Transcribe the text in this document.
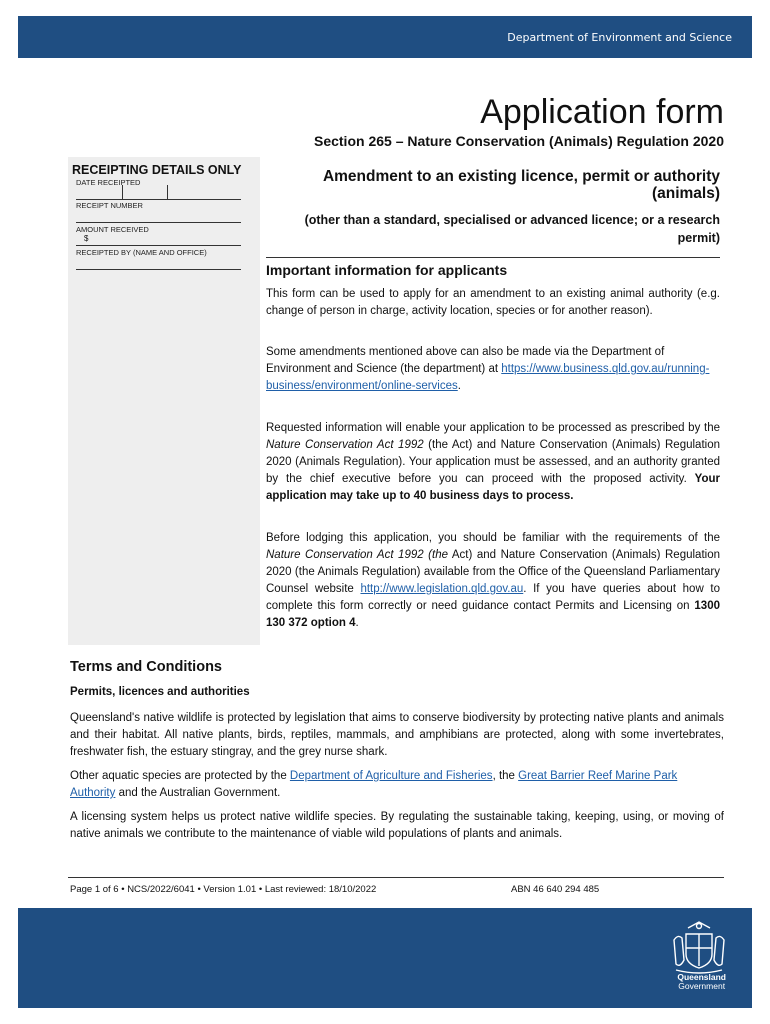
Department of Environment and Science
Application form
Section 265 – Nature Conservation (Animals) Regulation 2020
RECEIPTING DETAILS ONLY
DATE RECEIPTED
RECEIPT NUMBER
AMOUNT RECEIVED
$
RECEIPTED BY (NAME AND OFFICE)
Amendment to an existing licence, permit or authority (animals)
(other than a standard, specialised or advanced licence; or a research permit)
Important information for applicants
This form can be used to apply for an amendment to an existing animal authority (e.g. change of person in charge, activity location, species or for another reason).
Some amendments mentioned above can also be made via the Department of Environment and Science (the department) at https://www.business.qld.gov.au/running-business/environment/online-services.
Requested information will enable your application to be processed as prescribed by the Nature Conservation Act 1992 (the Act) and Nature Conservation (Animals) Regulation 2020 (Animals Regulation). Your application must be assessed, and an authority granted by the chief executive before you can proceed with the proposed activity. Your application may take up to 40 business days to process.
Before lodging this application, you should be familiar with the requirements of the Nature Conservation Act 1992 (the Act) and Nature Conservation (Animals) Regulation 2020 (the Animals Regulation) available from the Office of the Queensland Parliamentary Counsel website http://www.legislation.qld.gov.au. If you have queries about how to complete this form correctly or need guidance contact Permits and Licensing on 1300 130 372 option 4.
Terms and Conditions
Permits, licences and authorities
Queensland's native wildlife is protected by legislation that aims to conserve biodiversity by protecting native plants and animals and their habitat. All native plants, birds, reptiles, mammals, and amphibians are protected, along with some invertebrates, freshwater fish, the estuary stingray, and the grey nurse shark.
Other aquatic species are protected by the Department of Agriculture and Fisheries, the Great Barrier Reef Marine Park Authority and the Australian Government.
A licensing system helps us protect native wildlife species. By regulating the sustainable taking, keeping, using, or moving of native animals we contribute to the maintenance of viable wild populations of plants and animals.
Page 1 of 6 • NCS/2022/6041 • Version 1.01 • Last reviewed: 18/10/2022	ABN 46 640 294 485
Queensland
Government
